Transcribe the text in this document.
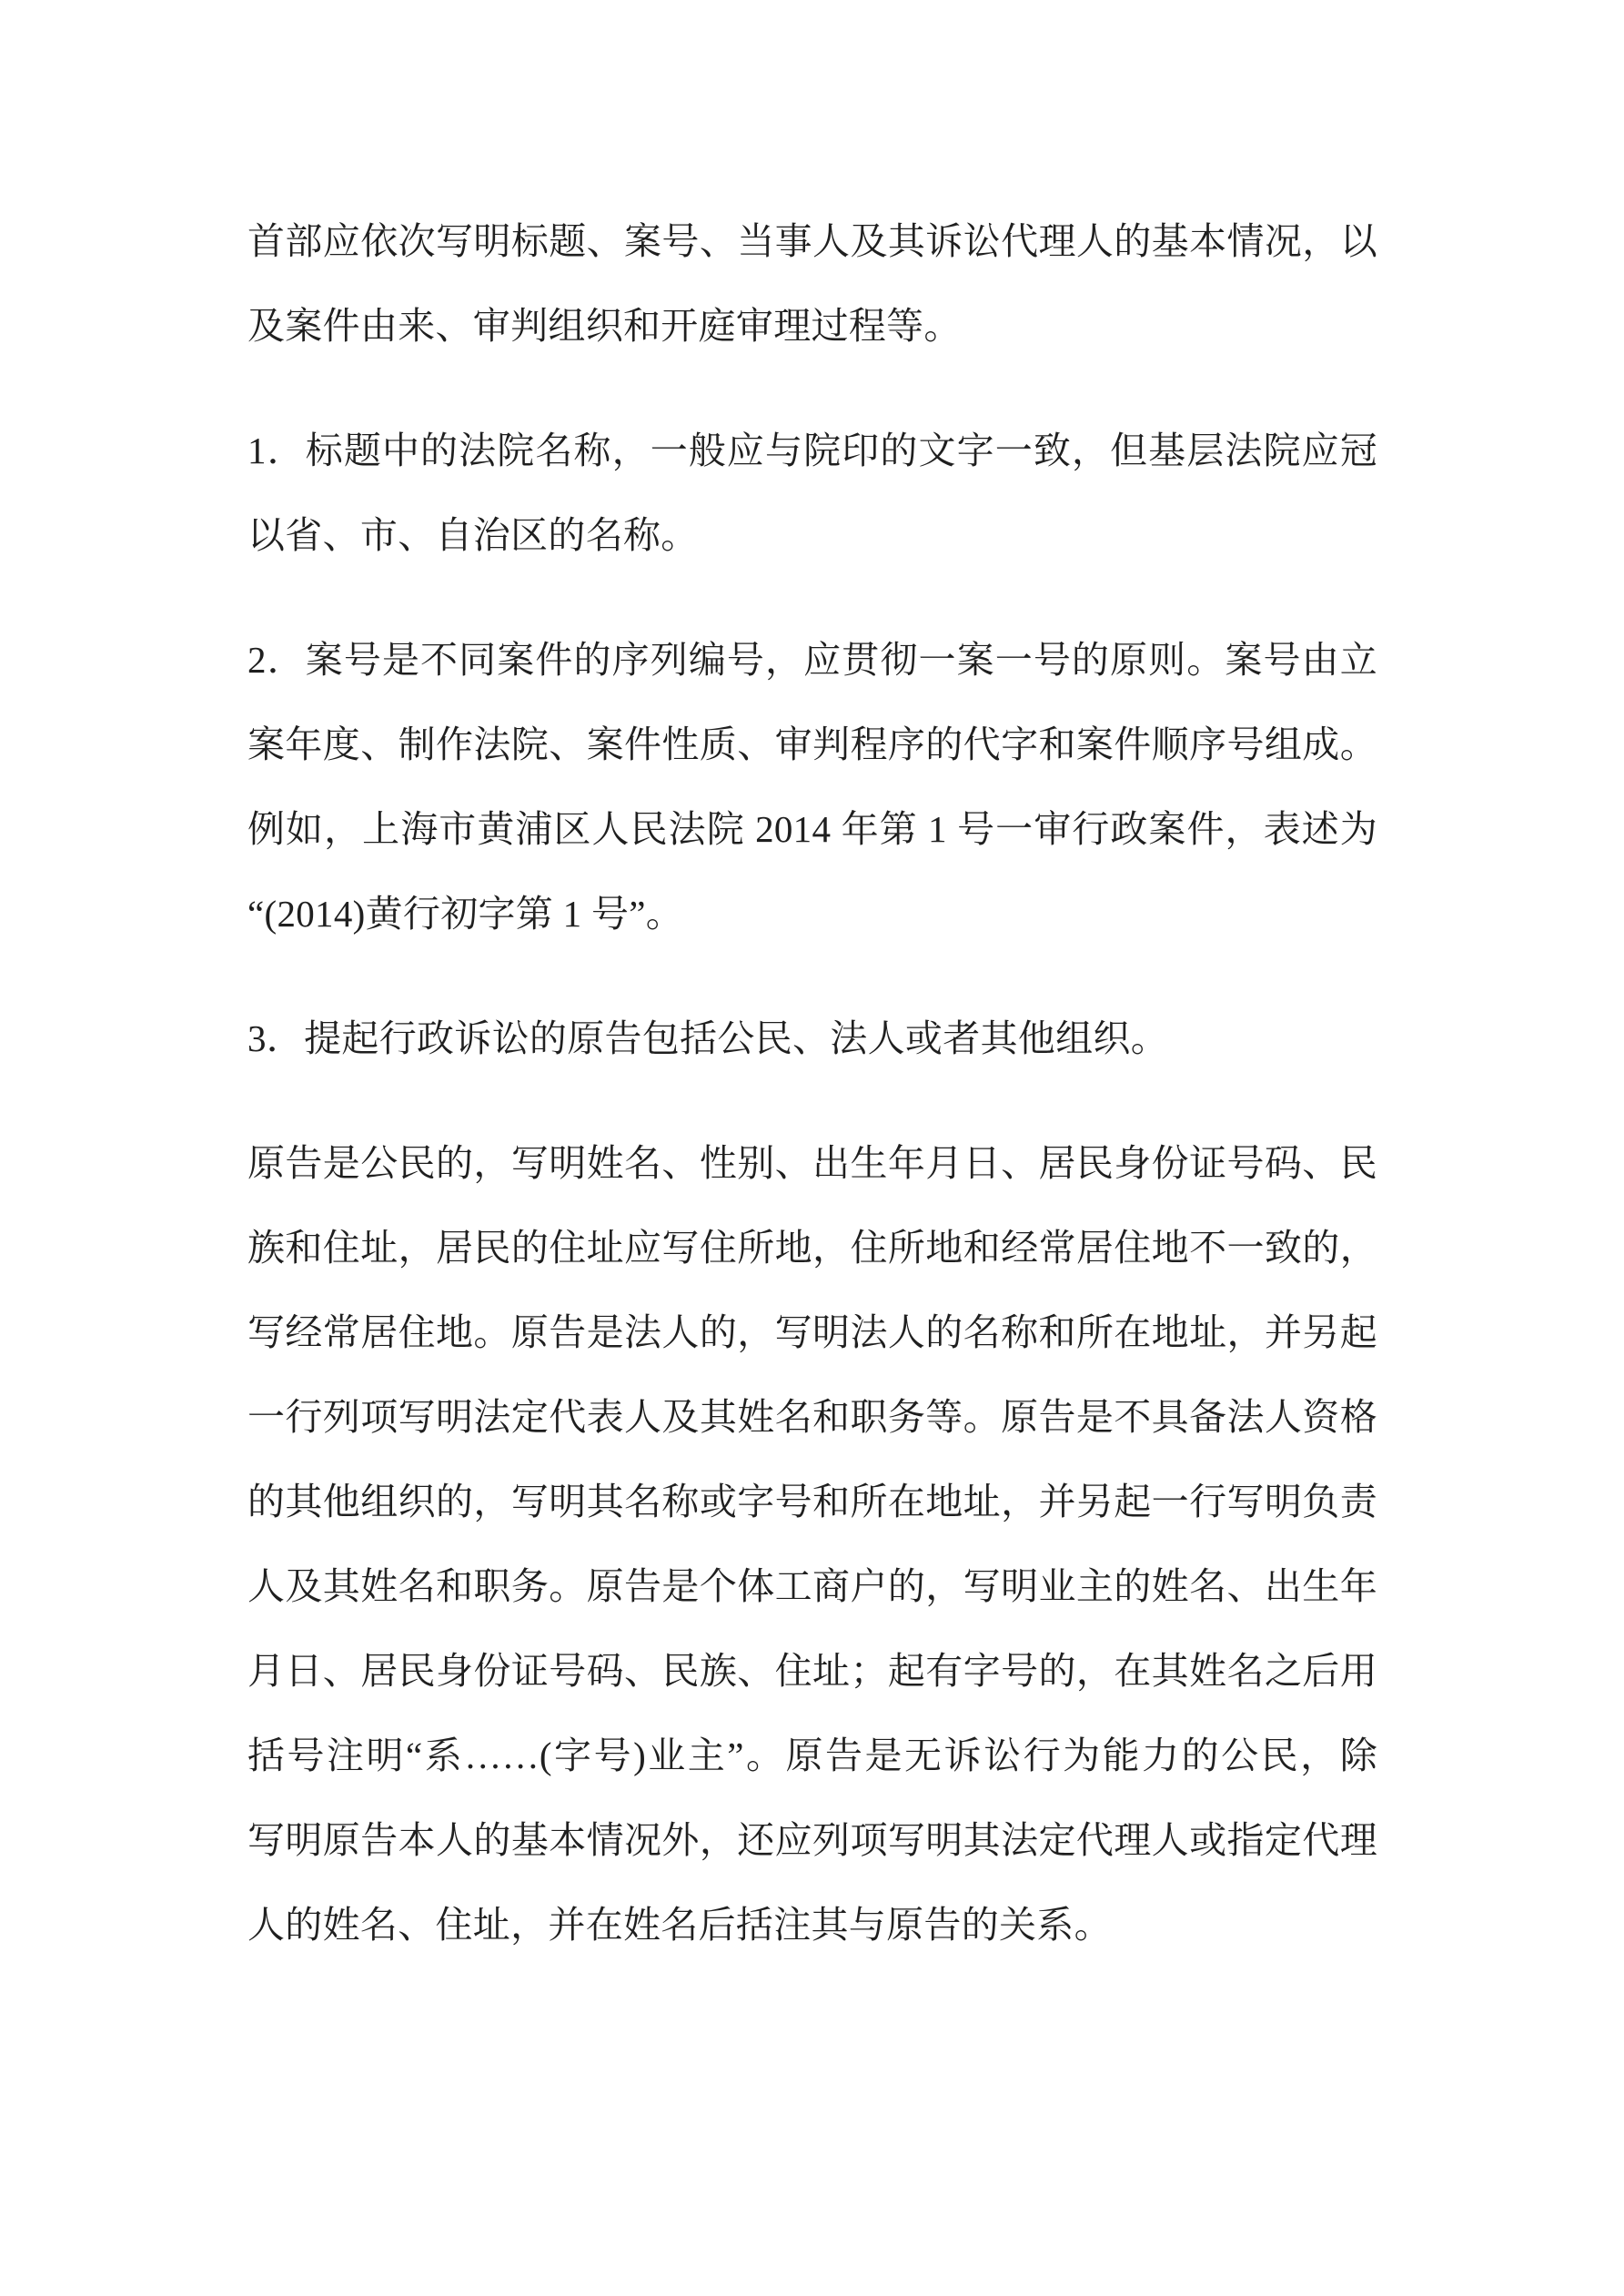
首部应依次写明标题、案号、当事人及其诉讼代理人的基本情况，以
及案件由来、审判组织和开庭审理过程等。

1．标题中的法院名称，一般应与院印的文字一致，但基层法院应冠
以省、市、自治区的名称。

2．案号是不同案件的序列编号，应贯彻一案一号的原则。案号由立
案年度、制作法院、案件性质、审判程序的代字和案件顺序号组成。
例如，上海市黄浦区人民法院 2014 年第 1 号一审行政案件，表述为
“(2014)黄行初字第 1 号”。

3．提起行政诉讼的原告包括公民、法人或者其他组织。

原告是公民的，写明姓名、性别、出生年月日、居民身份证号码、民
族和住址，居民的住址应写住所地，住所地和经常居住地不一致的，
写经常居住地。原告是法人的，写明法人的名称和所在地址，并另起
一行列项写明法定代表人及其姓名和职务等。原告是不具备法人资格
的其他组织的，写明其名称或字号和所在地址，并另起一行写明负责
人及其姓名和职务。原告是个体工商户的，写明业主的姓名、出生年
月日、居民身份证号码、民族、住址；起有字号的，在其姓名之后用
括号注明“系……(字号)业主”。原告是无诉讼行为能力的公民，除
写明原告本人的基本情况外，还应列项写明其法定代理人或指定代理
人的姓名、住址，并在姓名后括注其与原告的关系。
